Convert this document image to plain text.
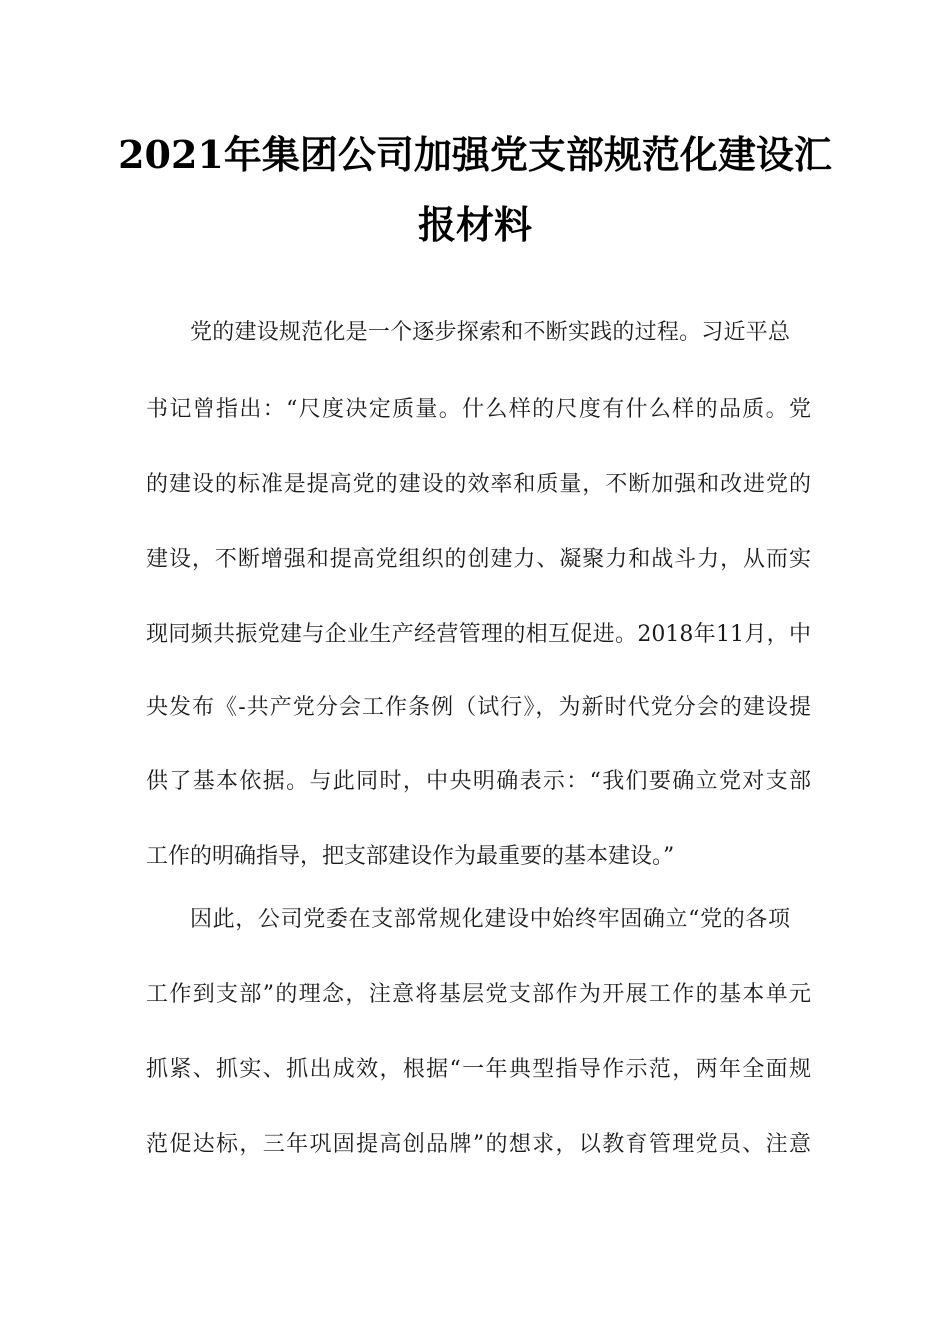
2021年集团公司加强党支部规范化建设汇
报材料
党的建设规范化是一个逐步探索和不断实践的过程。习近平总
书记曾指出：“尺度决定质量。什么样的尺度有什么样的品质。党
的建设的标准是提高党的建设的效率和质量，不断加强和改进党的
建设，不断增强和提高党组织的创建力、凝聚力和战斗力，从而实
现同频共振党建与企业生产经营管理的相互促进。2018年11月，中
央发布《-共产党分会工作条例（试行》，为新时代党分会的建设提
供了基本依据。与此同时，中央明确表示：“我们要确立党对支部
工作的明确指导，把支部建设作为最重要的基本建设。”
因此，公司党委在支部常规化建设中始终牢固确立“党的各项
工作到支部”的理念，注意将基层党支部作为开展工作的基本单元
抓紧、抓实、抓出成效，根据“一年典型指导作示范，两年全面规
范促达标，三年巩固提高创品牌”的想求，以教育管理党员、注意
